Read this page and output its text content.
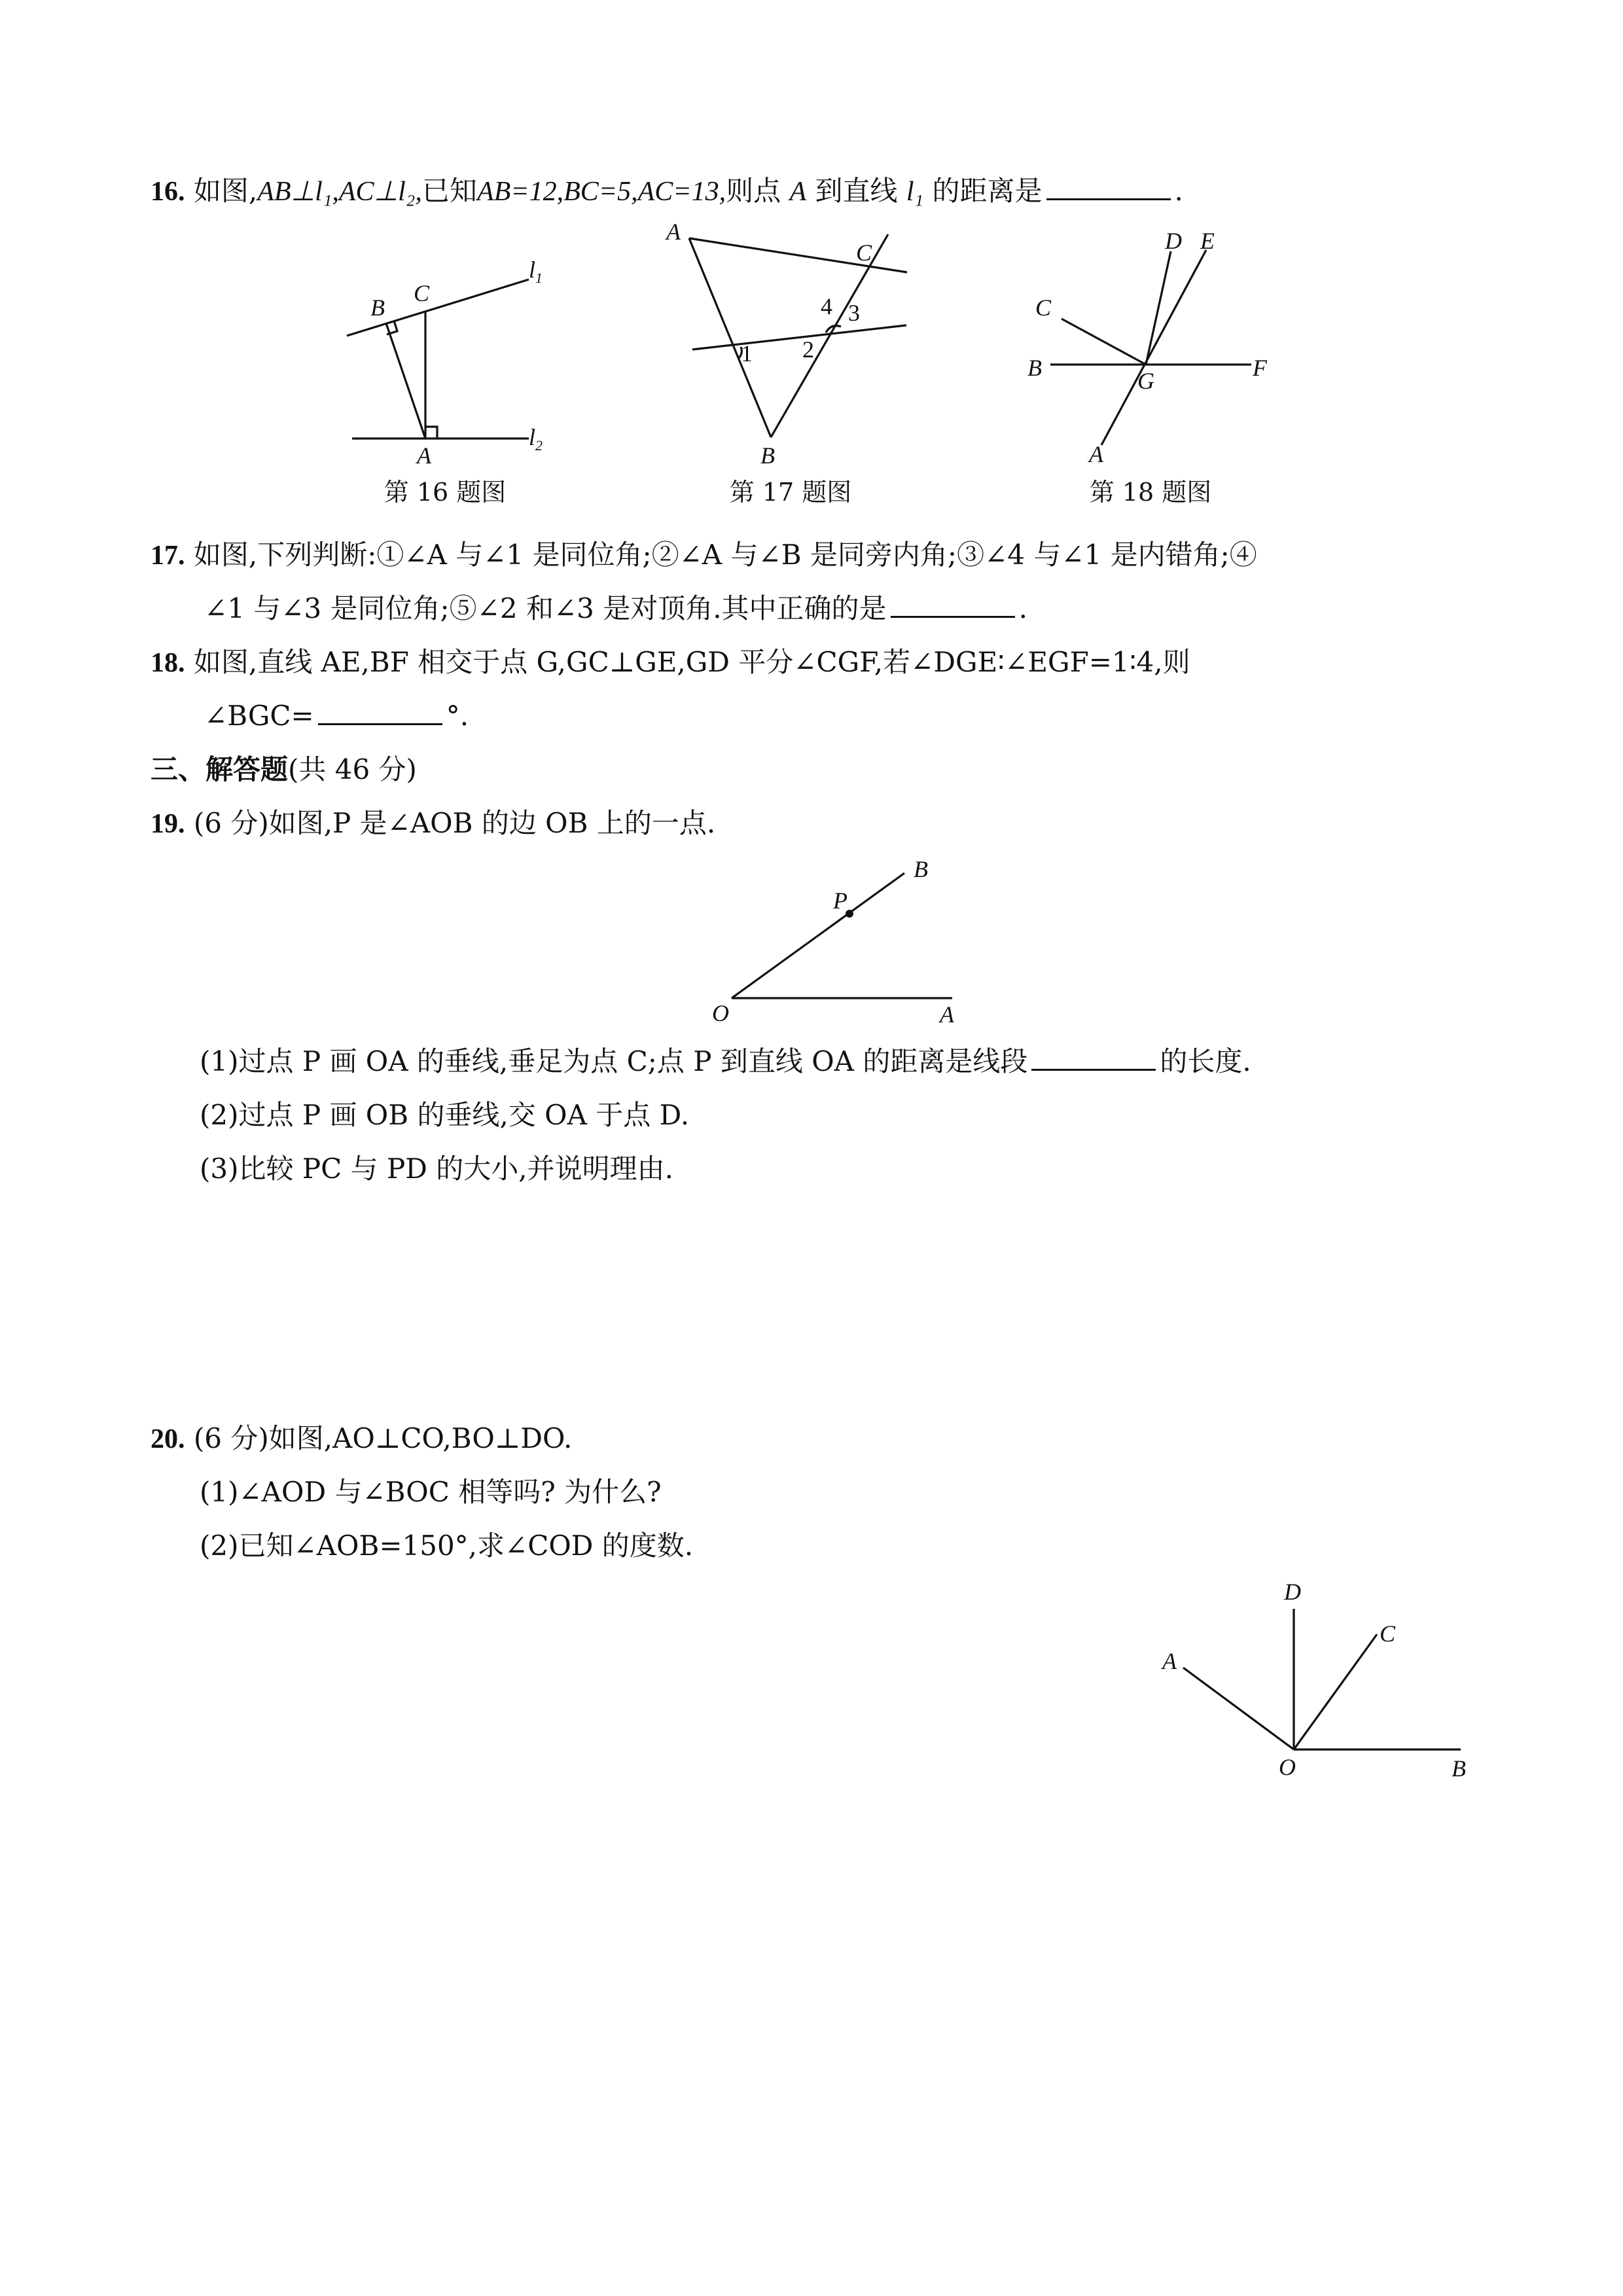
16. 如图,AB⊥l₁,AC⊥l₂,已知AB=12,BC=5,AC=13,则点 A 到直线 l₁ 的距离是	.
B
C
A
$l_1$
$l_2$
A
C
B
1 2
3
4
D E
C
B	F
G
A
P
B
O	A
D
C
A
O	B
第 16 题图	第 17 题图	第 18 题图
17. 如图,下列判断:①∠A 与∠1 是同位角;②∠A 与∠B 是同旁内角;③∠4 与∠1 是内错角;④
∠1 与∠3 是同位角;⑤∠2 和∠3 是对顶角.其中正确的是	.
18. 如图,直线 AE,BF 相交于点 G,GC⊥GE,GD 平分∠CGF,若∠DGE∶∠EGF=1∶4,则
∠BGC=	°.
三、解答题(共 46 分)
19. (6 分)如图,P 是∠AOB 的边 OB 上的一点.
(1)过点 P 画 OA 的垂线,垂足为点 C;点 P 到直线 OA 的距离是线段	的长度.
(2)过点 P 画 OB 的垂线,交 OA 于点 D.
(3)比较 PC 与 PD 的大小,并说明理由.
20. (6 分)如图,AO⊥CO,BO⊥DO.
(1)∠AOD 与∠BOC 相等吗? 为什么?
(2)已知∠AOB=150°,求∠COD 的度数.
